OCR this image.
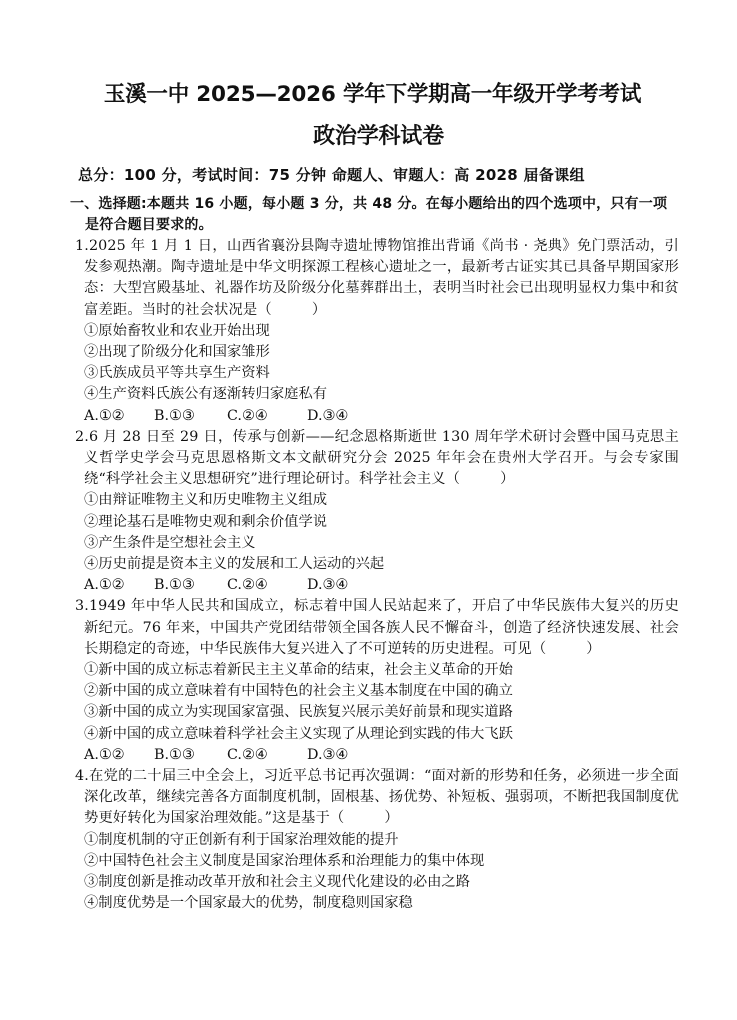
玉溪一中 2025—2026 学年下学期高一年级开学考考试
政治学科试卷
总分：100 分，考试时间：75 分钟 命题人、审题人：高 2028 届备课组
一、选择题:本题共 16 小题，每小题 3 分，共 48 分。在每小题给出的四个选项中，只有一项是符合题目要求的。
1.2025 年 1 月 1 日，山西省襄汾县陶寺遗址博物馆推出背诵《尚书 · 尧典》免门票活动，引发参观热潮。陶寺遗址是中华文明探源工程核心遗址之一，最新考古证实其已具备早期国家形态：大型宫殿基址、礼器作坊及阶级分化墓葬群出土，表明当时社会已出现明显权力集中和贫富差距。当时的社会状况是（	）
①原始畜牧业和农业开始出现
②出现了阶级分化和国家雏形
③氏族成员平等共享生产资料
④生产资料氏族公有逐渐转归家庭私有
A.①② B.①③ C.②④	D.③④
2.6 月 28 日至 29 日，传承与创新——纪念恩格斯逝世 130 周年学术研讨会暨中国马克思主义哲学史学会马克思恩格斯文本文献研究分会 2025 年年会在贵州大学召开。与会专家围绕“科学社会主义思想研究”进行理论研讨。科学社会主义（	）
①由辩证唯物主义和历史唯物主义组成
②理论基石是唯物史观和剩余价值学说
③产生条件是空想社会主义
④历史前提是资本主义的发展和工人运动的兴起
A.①② B.①③ C.②④	D.③④
3.1949 年中华人民共和国成立，标志着中国人民站起来了，开启了中华民族伟大复兴的历史新纪元。76 年来，中国共产党团结带领全国各族人民不懈奋斗，创造了经济快速发展、社会长期稳定的奇迹，中华民族伟大复兴进入了不可逆转的历史进程。可见（	）
①新中国的成立标志着新民主主义革命的结束，社会主义革命的开始
②新中国的成立意味着有中国特色的社会主义基本制度在中国的确立
③新中国的成立为实现国家富强、民族复兴展示美好前景和现实道路
④新中国的成立意味着科学社会主义实现了从理论到实践的伟大飞跃
A.①② B.①③ C.②④	D.③④
4.在党的二十届三中全会上，习近平总书记再次强调：“面对新的形势和任务，必须进一步全面深化改革，继续完善各方面制度机制，固根基、扬优势、补短板、强弱项，不断把我国制度优势更好转化为国家治理效能。”这是基于（	）
①制度机制的守正创新有利于国家治理效能的提升
②中国特色社会主义制度是国家治理体系和治理能力的集中体现
③制度创新是推动改革开放和社会主义现代化建设的必由之路
④制度优势是一个国家最大的优势，制度稳则国家稳
